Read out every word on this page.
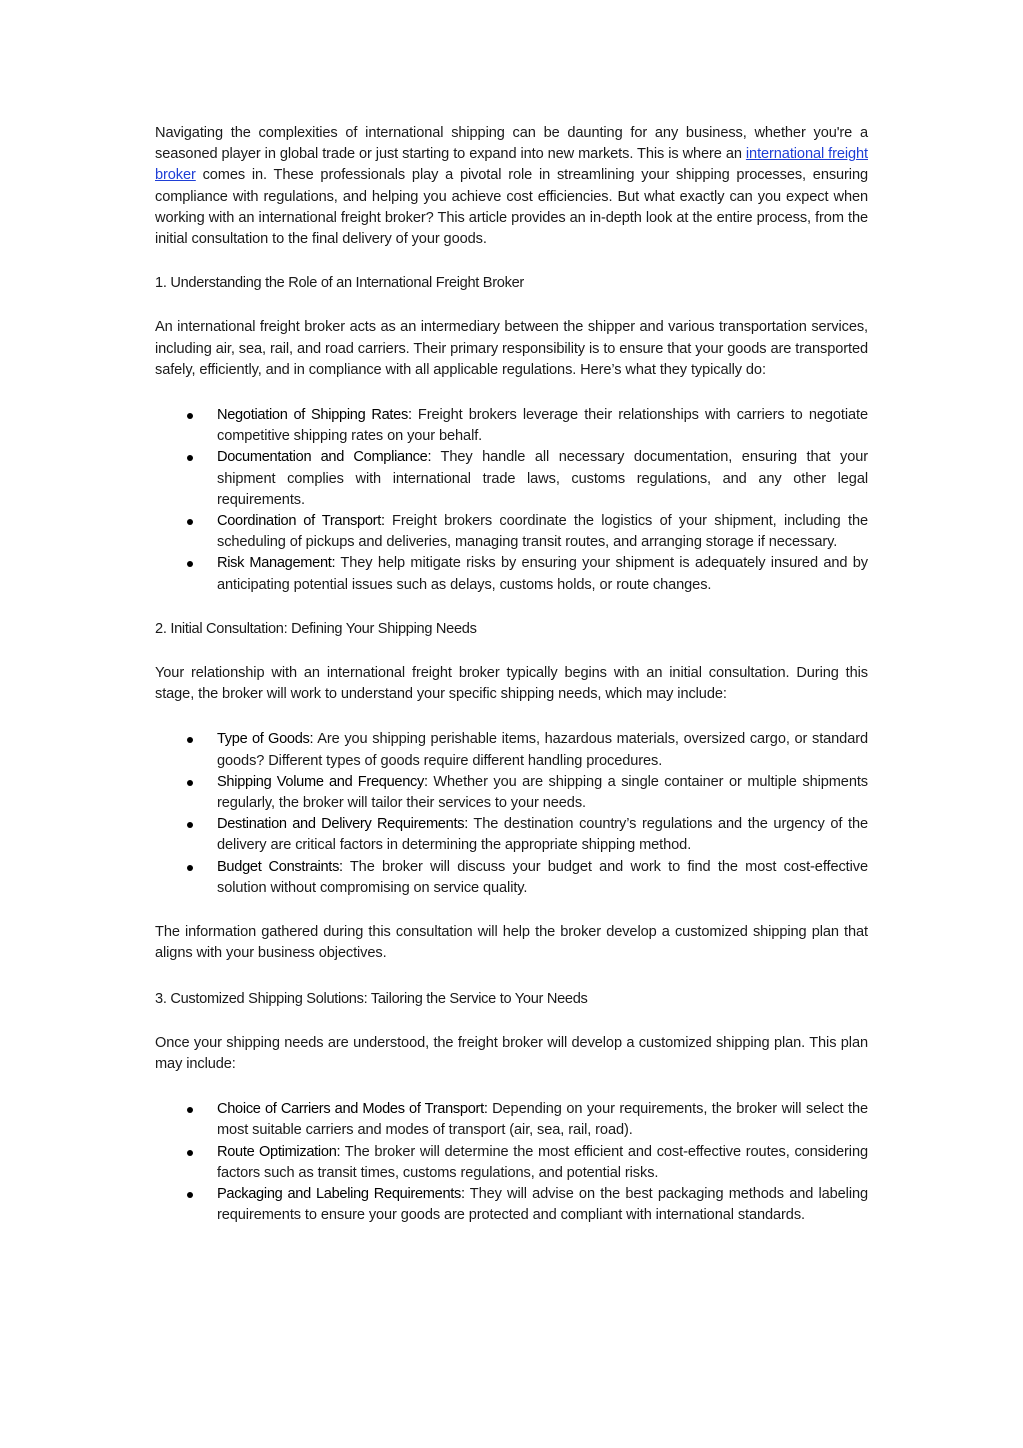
Navigating the complexities of international shipping can be daunting for any business, whether you're a seasoned player in global trade or just starting to expand into new markets. This is where an international freight broker comes in. These professionals play a pivotal role in streamlining your shipping processes, ensuring compliance with regulations, and helping you achieve cost efficiencies. But what exactly can you expect when working with an international freight broker? This article provides an in-depth look at the entire process, from the initial consultation to the final delivery of your goods.

1. Understanding the Role of an International Freight Broker

An international freight broker acts as an intermediary between the shipper and various transportation services, including air, sea, rail, and road carriers. Their primary responsibility is to ensure that your goods are transported safely, efficiently, and in compliance with all applicable regulations. Here’s what they typically do:

Negotiation of Shipping Rates: Freight brokers leverage their relationships with carriers to negotiate competitive shipping rates on your behalf.
Documentation and Compliance: They handle all necessary documentation, ensuring that your shipment complies with international trade laws, customs regulations, and any other legal requirements.
Coordination of Transport: Freight brokers coordinate the logistics of your shipment, including the scheduling of pickups and deliveries, managing transit routes, and arranging storage if necessary.
Risk Management: They help mitigate risks by ensuring your shipment is adequately insured and by anticipating potential issues such as delays, customs holds, or route changes.
2. Initial Consultation: Defining Your Shipping Needs

Your relationship with an international freight broker typically begins with an initial consultation. During this stage, the broker will work to understand your specific shipping needs, which may include:

Type of Goods: Are you shipping perishable items, hazardous materials, oversized cargo, or standard goods? Different types of goods require different handling procedures.
Shipping Volume and Frequency: Whether you are shipping a single container or multiple shipments regularly, the broker will tailor their services to your needs.
Destination and Delivery Requirements: The destination country’s regulations and the urgency of the delivery are critical factors in determining the appropriate shipping method.
Budget Constraints: The broker will discuss your budget and work to find the most cost-effective solution without compromising on service quality.

The information gathered during this consultation will help the broker develop a customized shipping plan that aligns with your business objectives.

3. Customized Shipping Solutions: Tailoring the Service to Your Needs

Once your shipping needs are understood, the freight broker will develop a customized shipping plan. This plan may include:

Choice of Carriers and Modes of Transport: Depending on your requirements, the broker will select the most suitable carriers and modes of transport (air, sea, rail, road).
Route Optimization: The broker will determine the most efficient and cost-effective routes, considering factors such as transit times, customs regulations, and potential risks.
Packaging and Labeling Requirements: They will advise on the best packaging methods and labeling requirements to ensure your goods are protected and compliant with international standards.
